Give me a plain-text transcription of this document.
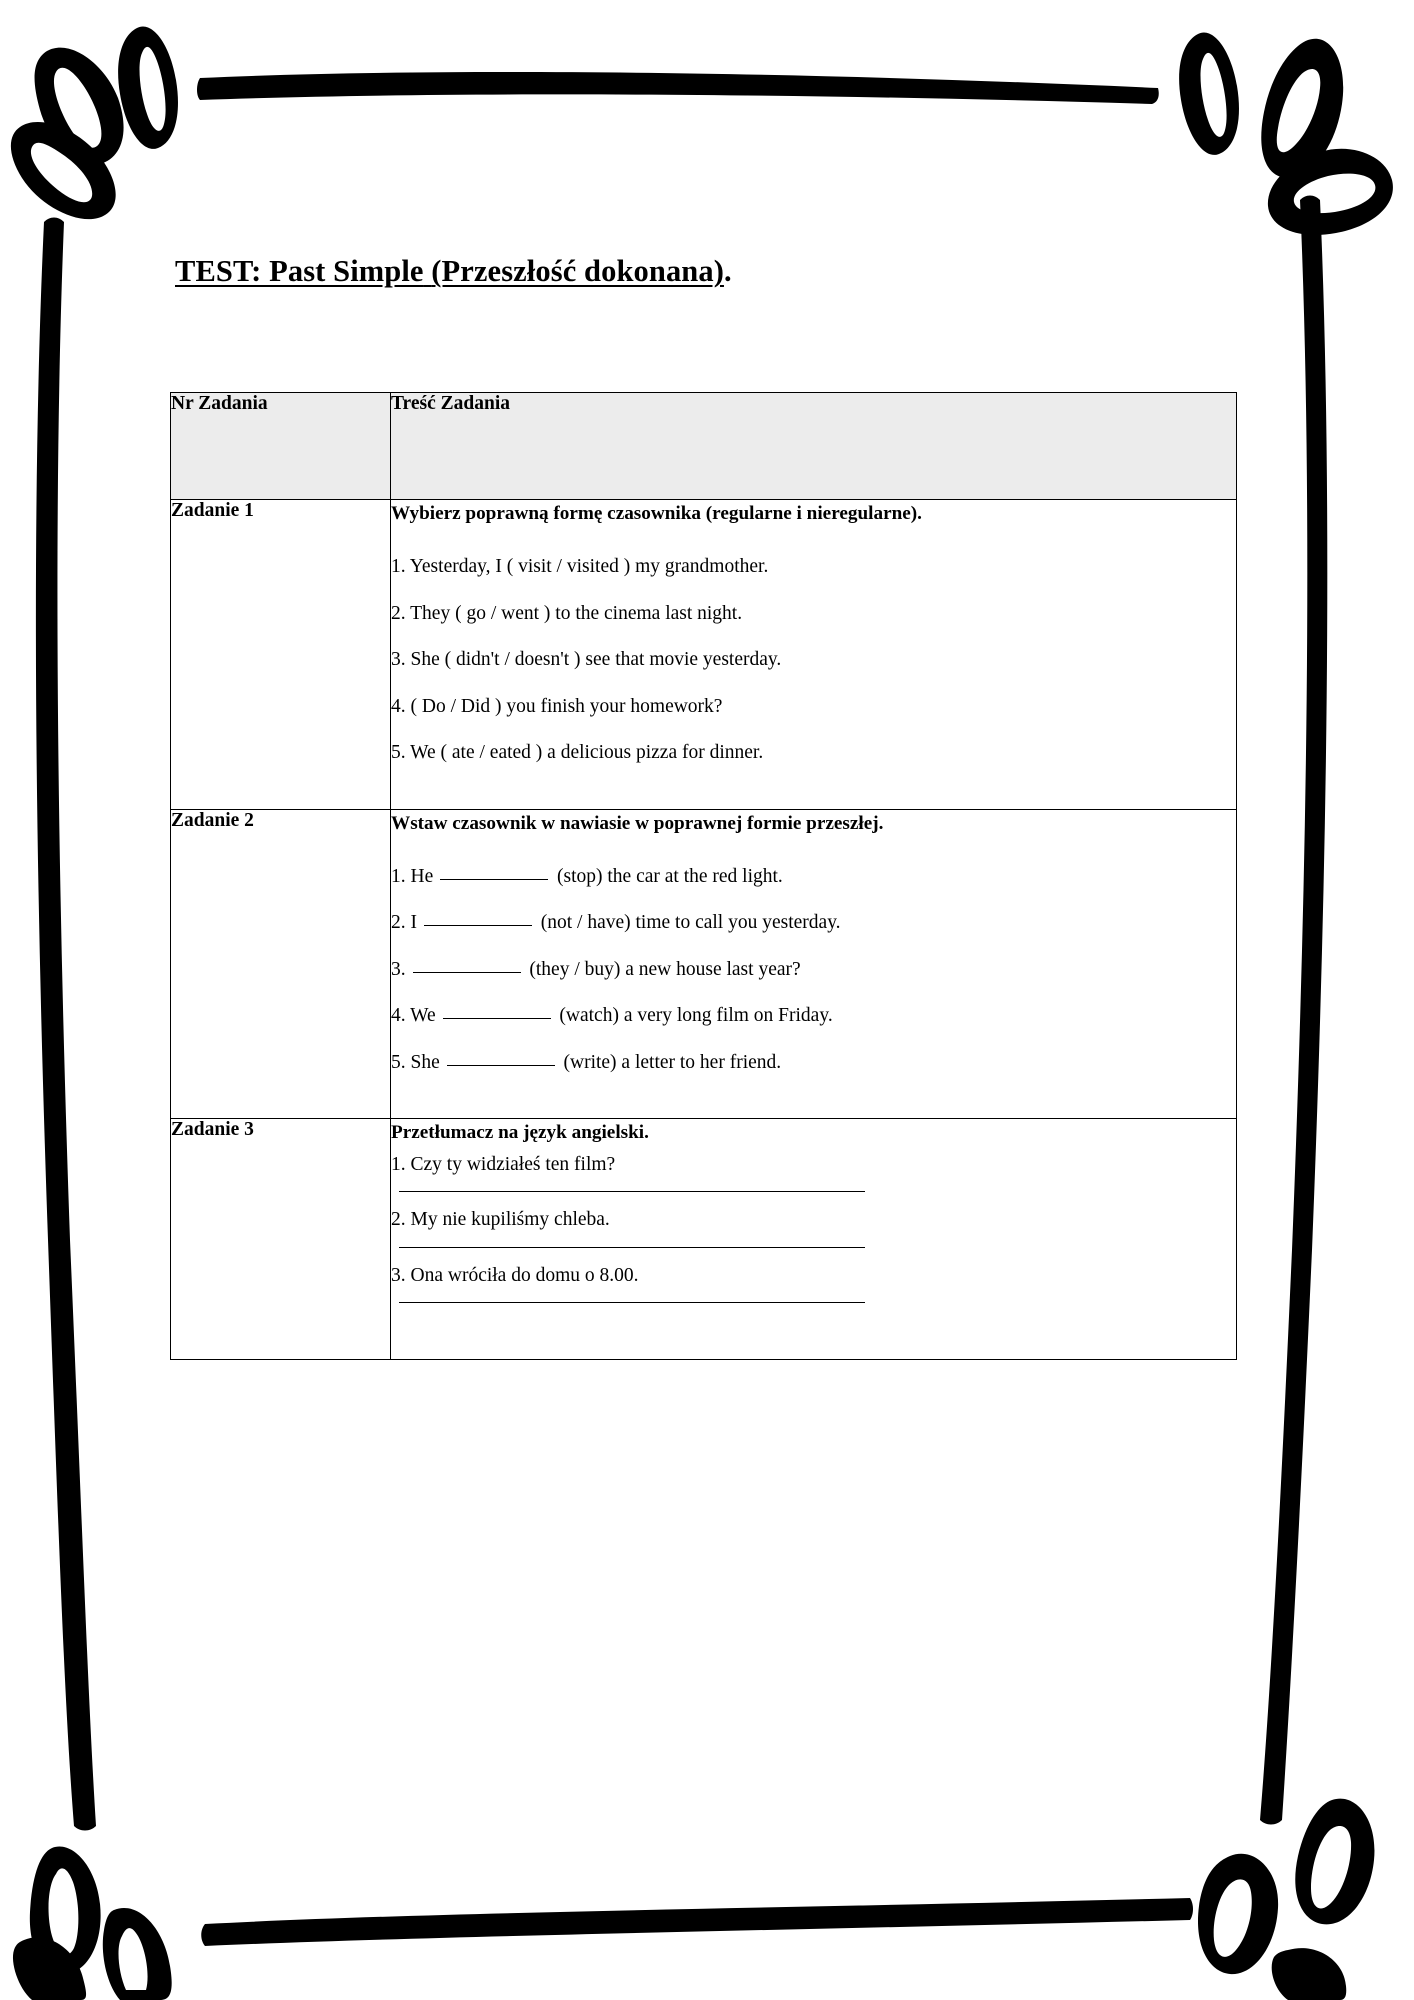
TEST: Past Simple (Przeszłość dokonana).
Nr Zadania	Treść Zadania
Zadanie 1	Wybierz poprawną formę czasownika (regularne i nieregularne).

1. Yesterday, I ( visit / visited ) my grandmother.

2. They ( go / went ) to the cinema last night.

3. She ( didn't / doesn't ) see that movie yesterday.

4. ( Do / Did ) you finish your homework?

5. We ( ate / eated ) a delicious pizza for dinner.

Zadanie 2	Wstaw czasownik w nawiasie w poprawnej formie przeszłej.

1. He	(stop) the car at the red light.

2. I	(not / have) time to call you yesterday.

3.	(they / buy) a new house last year?

4. We	(watch) a very long film on Friday.

5. She	(write) a letter to her friend.

Zadanie 3	Przetłumacz na język angielski.

1. Czy ty widziałeś ten film?

2. My nie kupiliśmy chleba.

3. Ona wróciła do domu o 8.00.
